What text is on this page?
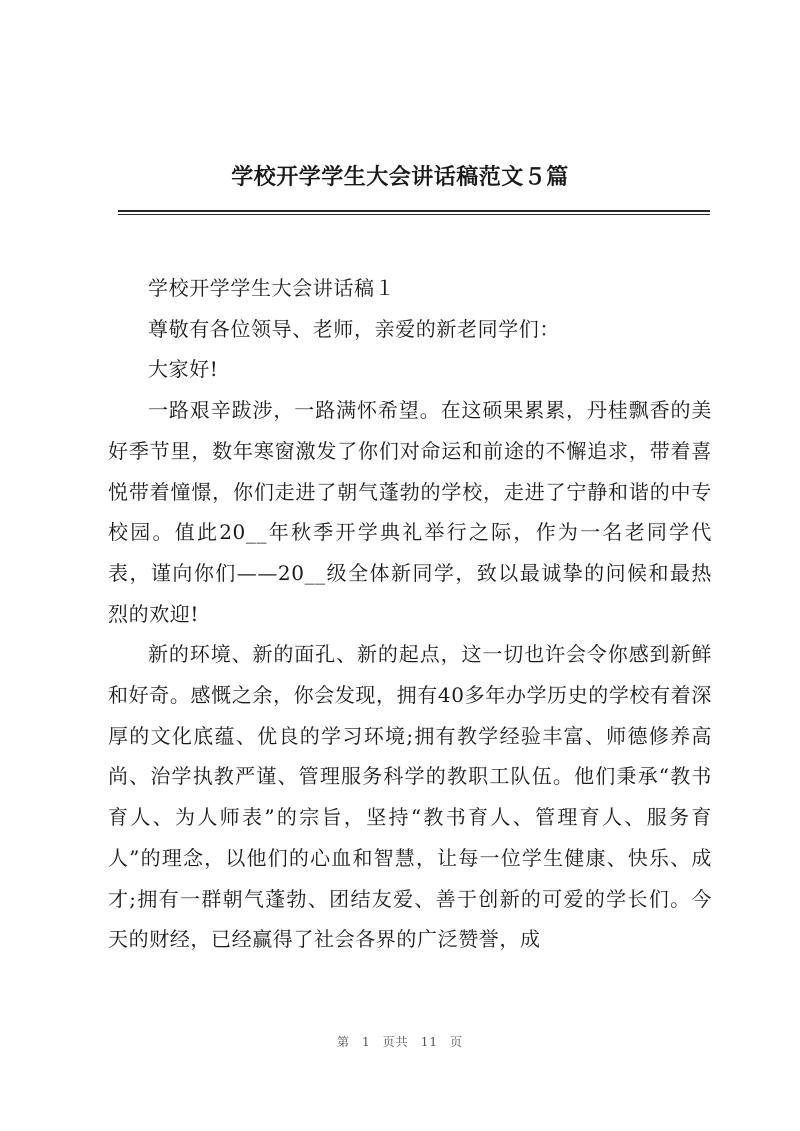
学校开学学生大会讲话稿范文５篇

学校开学学生大会讲话稿１

尊敬有各位领导、老师，亲爱的新老同学们：

大家好!

一路艰辛跋涉，一路满怀希望。在这硕果累累，丹桂飘香的美好季节里，数年寒窗激发了你们对命运和前途的不懈追求，带着喜悦带着憧憬，你们走进了朝气蓬勃的学校，走进了宁静和谐的中专校园。值此20__年秋季开学典礼举行之际，作为一名老同学代表，谨向你们——20__级全体新同学，致以最诚挚的问候和最热烈的欢迎!

新的环境、新的面孔、新的起点，这一切也许会令你感到新鲜和好奇。感慨之余，你会发现，拥有40多年办学历史的学校有着深厚的文化底蕴、优良的学习环境;拥有教学经验丰富、师德修养高尚、治学执教严谨、管理服务科学的教职工队伍。他们秉承“教书育人、为人师表”的宗旨，坚持“教书育人、管理育人、服务育人”的理念，以他们的心血和智慧，让每一位学生健康、快乐、成才;拥有一群朝气蓬勃、团结友爱、善于创新的可爱的学长们。今天的财经，已经赢得了社会各界的广泛赞誉，成

第 1 页共 11 页
